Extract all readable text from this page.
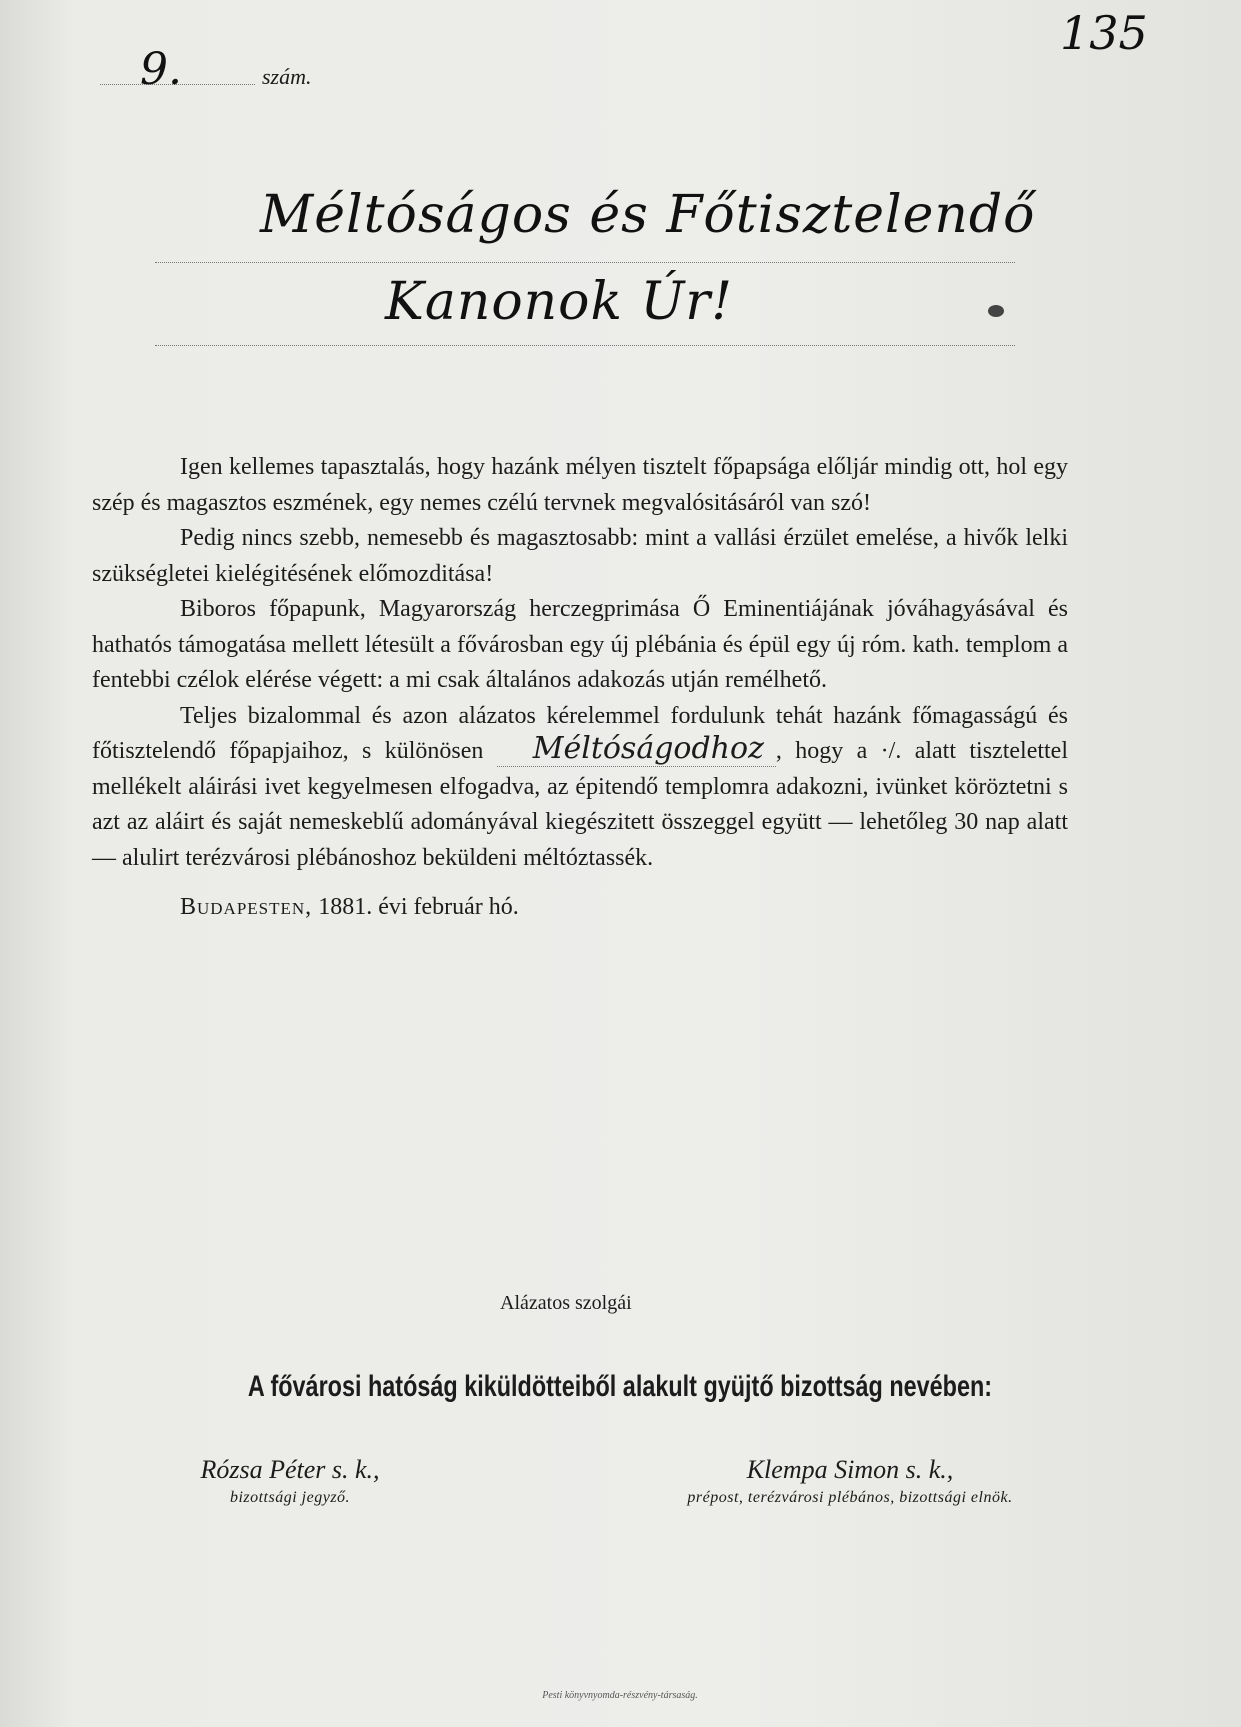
135
9.	szám.
Méltóságos és Főtisztelendő
Kanonok Úr!

Igen kellemes tapasztalás, hogy hazánk mélyen tisztelt főpapsága előljár mindig ott, hol egy szép és magasztos eszmének, egy nemes czélú tervnek megvalósitásáról van szó!

Pedig nincs szebb, nemesebb és magasztosabb: mint a vallási érzület emelése, a hivők lelki szükségletei kielégitésének előmozditása!

Biboros főpapunk, Magyarország herczegprimása Ő Eminentiájának jóváhagyásával és hathatós támogatása mellett létesült a fővárosban egy új plébánia és épül egy új róm. kath. templom a fentebbi czélok elérése végett: a mi csak általános adakozás utján remélhető.

Teljes bizalommal és azon alázatos kérelemmel fordulunk tehát hazánk főmagasságú és főtisztelendő főpapjaihoz, s különösen Méltóságodhoz , hogy a ·/. alatt tisztelettel mellékelt aláirási ivet kegyelmesen elfogadva, az épitendő templomra adakozni, ivünket köröztetni s azt az aláirt és saját nemeskeblű adományával kiegészitett összeggel együtt — lehetőleg 30 nap alatt — alulirt terézvárosi plébánoshoz beküldeni méltóztassék.

Budapesten, 1881. évi február hó.

Alázatos szolgái
A fővárosi hatóság kiküldötteiből alakult gyüjtő bizottság nevében:
Rózsa Péter s. k.,
bizottsági jegyző.
Klempa Simon s. k.,
prépost, terézvárosi plébános, bizottsági elnök.
Pesti könyvnyomda-részvény-társaság.
